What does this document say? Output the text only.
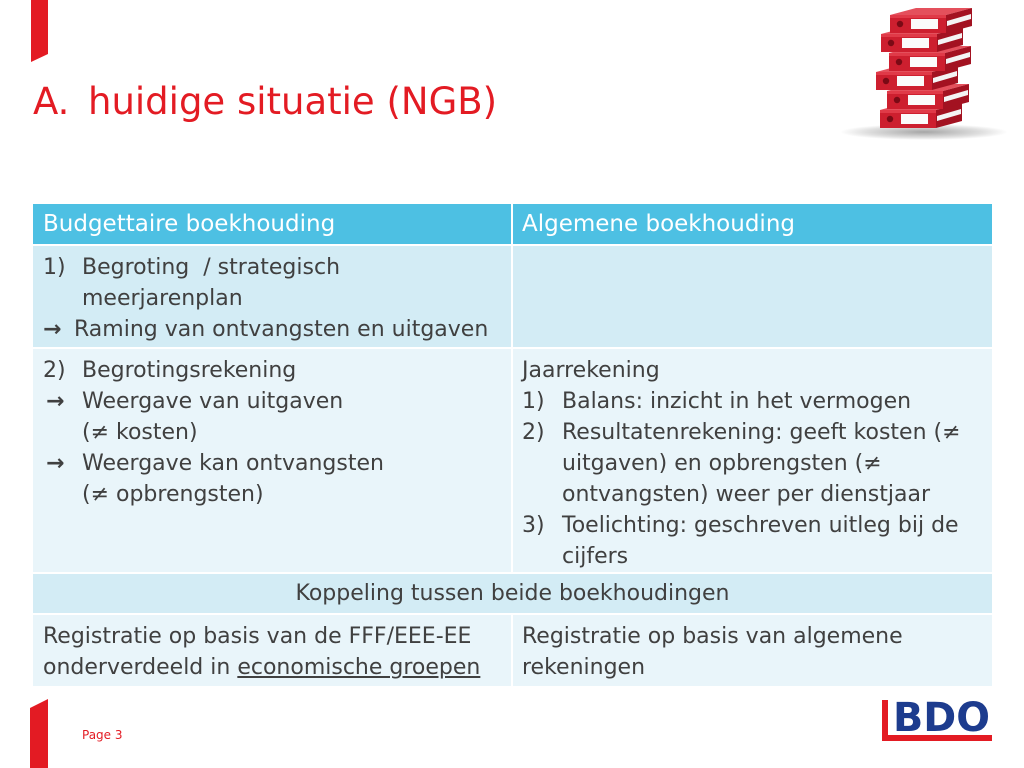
A. huidige situatie (NGB)
Budgettaire boekhouding	Algemene boekhouding
1) Begroting  / strategisch
meerjarenplan
→ Raming van ontvangsten en uitgaven
2) Begrotingsrekening
→ Weergave van uitgaven
(≠ kosten)
→ Weergave kan ontvangsten
(≠ opbrengsten)
Jaarrekening
1) Balans: inzicht in het vermogen
2) Resultatenrekening: geeft kosten (≠
uitgaven) en opbrengsten (≠
ontvangsten) weer per dienstjaar
3) Toelichting: geschreven uitleg bij de
cijfers
Koppeling tussen beide boekhoudingen
Registratie op basis van de FFF/EEE-EE
onderverdeeld in economische groepen
Registratie op basis van algemene
rekeningen
Page 3	BDO
